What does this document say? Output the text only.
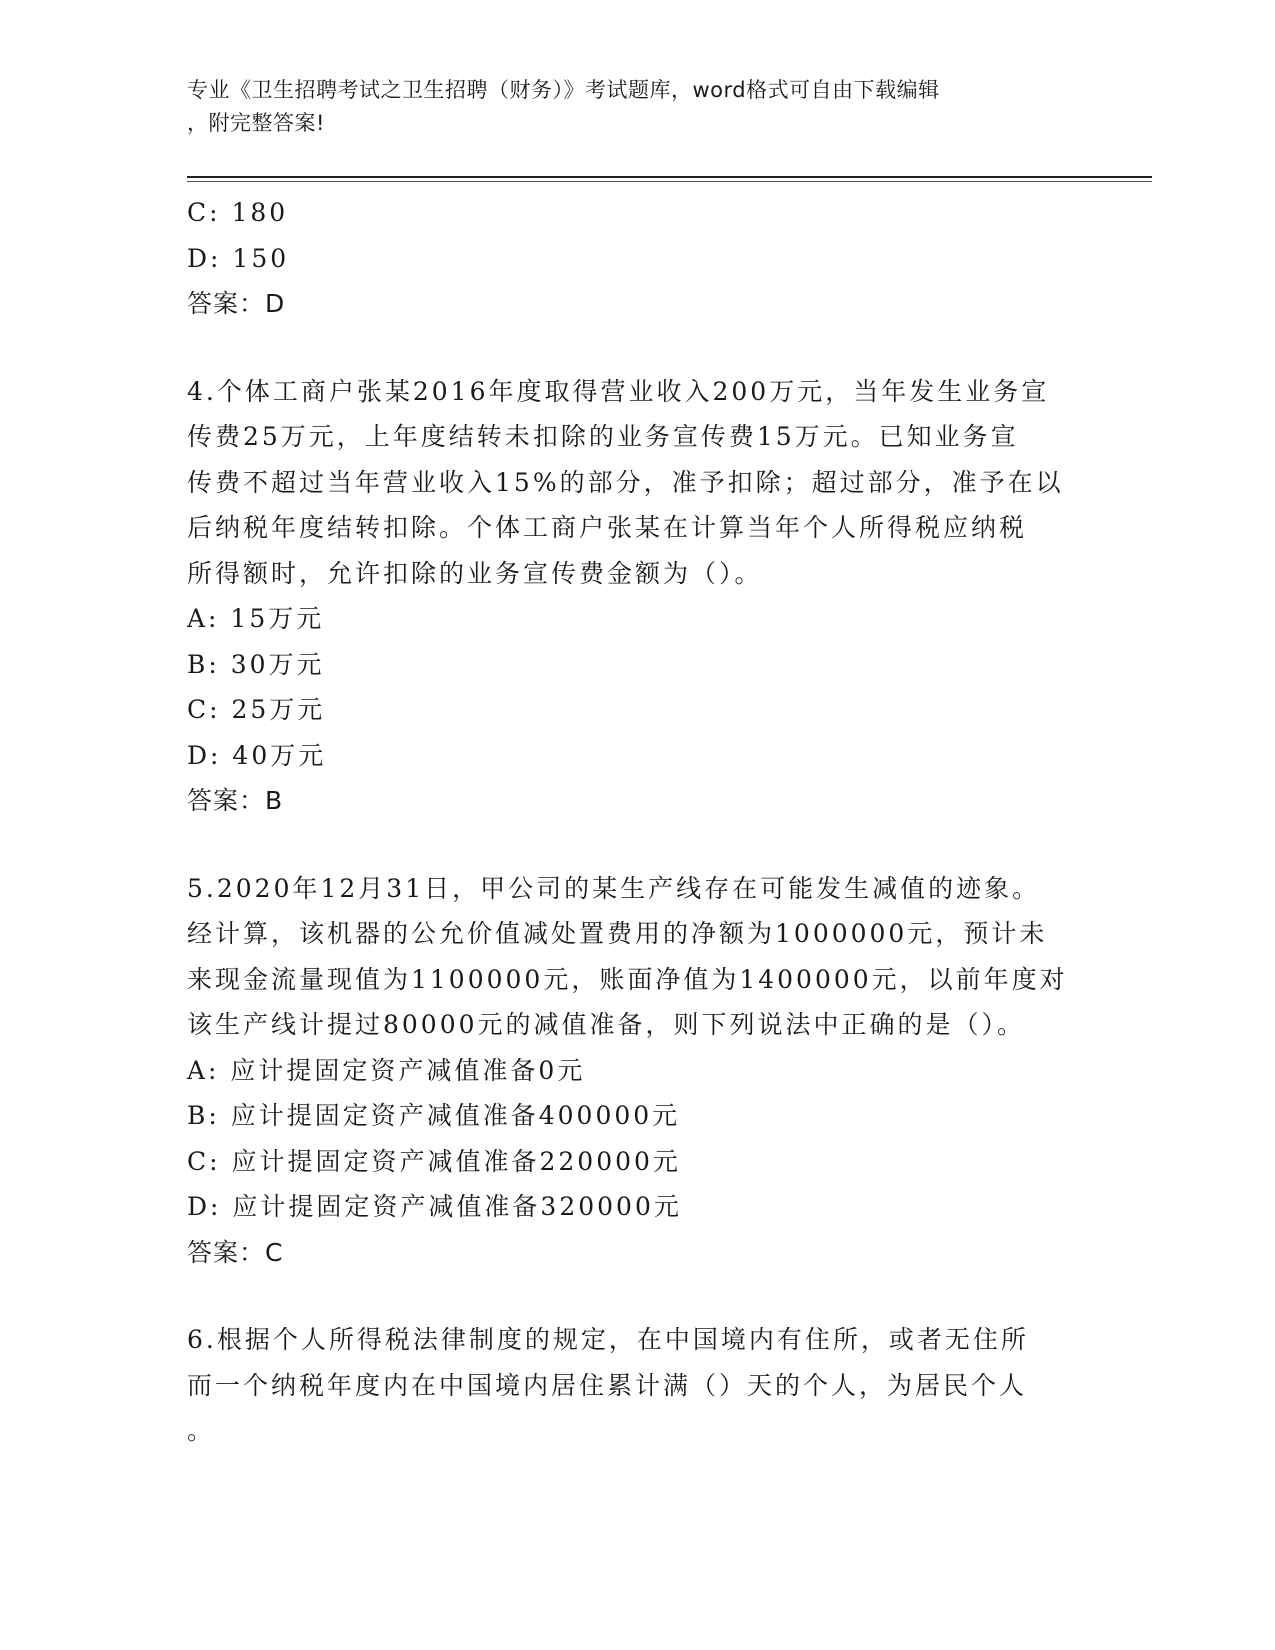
专业《卫生招聘考试之卫生招聘（财务）》考试题库，word格式可自由下载编辑
，附完整答案!
C: 180
D: 150
答案：D
4.个体工商户张某2016年度取得营业收入200万元，当年发生业务宣
传费25万元，上年度结转未扣除的业务宣传费15万元。已知业务宣
传费不超过当年营业收入15%的部分，准予扣除；超过部分，准予在以
后纳税年度结转扣除。个体工商户张某在计算当年个人所得税应纳税
所得额时，允许扣除的业务宣传费金额为（）。
A: 15万元
B: 30万元
C: 25万元
D: 40万元
答案：B
5.2020年12月31日，甲公司的某生产线存在可能发生减值的迹象。
经计算，该机器的公允价值减处置费用的净额为1000000元，预计未
来现金流量现值为1100000元，账面净值为1400000元，以前年度对
该生产线计提过80000元的减值准备，则下列说法中正确的是（）。
A: 应计提固定资产减值准备0元
B: 应计提固定资产减值准备400000元
C: 应计提固定资产减值准备220000元
D: 应计提固定资产减值准备320000元
答案：C
6.根据个人所得税法律制度的规定，在中国境内有住所，或者无住所
而一个纳税年度内在中国境内居住累计满（）天的个人，为居民个人
。
